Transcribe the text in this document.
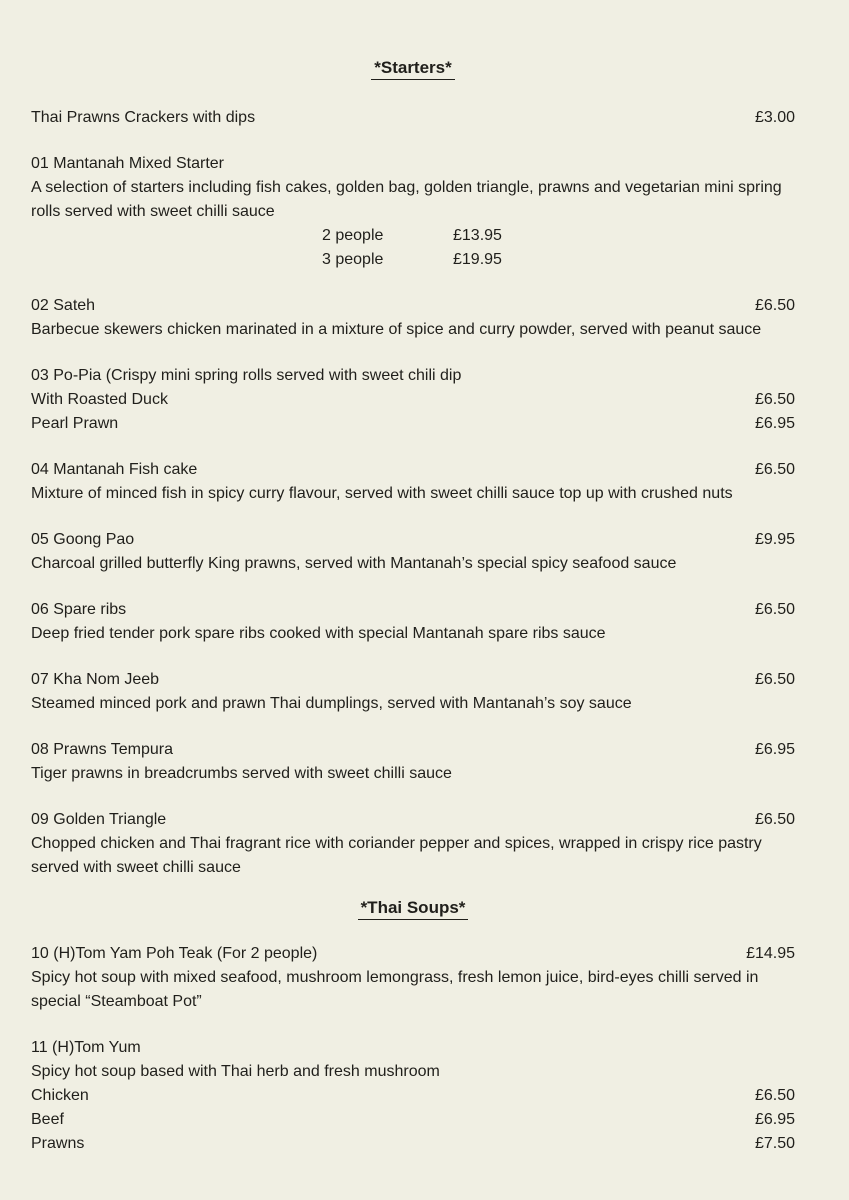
*Starters*
Thai Prawns Crackers with dips	£3.00
01 Mantanah Mixed Starter

A selection of starters including fish cakes, golden bag, golden triangle, prawns and vegetarian mini spring rolls served with sweet chilli sauce

2 people	£13.95
3 people	£19.95
02 Sateh	£6.50

Barbecue skewers chicken marinated in a mixture of spice and curry powder, served with peanut sauce

03 Po-Pia (Crispy mini spring rolls served with sweet chili dip
With Roasted Duck	£6.50
Pearl Prawn	£6.95
04 Mantanah Fish cake	£6.50

Mixture of minced fish in spicy curry flavour, served with sweet chilli sauce top up with crushed nuts

05 Goong Pao	£9.95

Charcoal grilled butterfly King prawns, served with Mantanah’s special spicy seafood sauce

06 Spare ribs	£6.50

Deep fried tender pork spare ribs cooked with special Mantanah spare ribs sauce

07 Kha Nom Jeeb	£6.50

Steamed minced pork and prawn Thai dumplings, served with Mantanah’s soy sauce

08 Prawns Tempura	£6.95

Tiger prawns in breadcrumbs served with sweet chilli sauce

09 Golden Triangle	£6.50

Chopped chicken and Thai fragrant rice with coriander pepper and spices, wrapped in crispy rice pastry served with sweet chilli sauce

*Thai Soups*
10 (H)Tom Yam Poh Teak (For 2 people)	£14.95

Spicy hot soup with mixed seafood, mushroom lemongrass, fresh lemon juice, bird-eyes chilli served in special “Steamboat Pot”

11 (H)Tom Yum

Spicy hot soup based with Thai herb and fresh mushroom

Chicken	£6.50
Beef	£6.95
Prawns	£7.50
